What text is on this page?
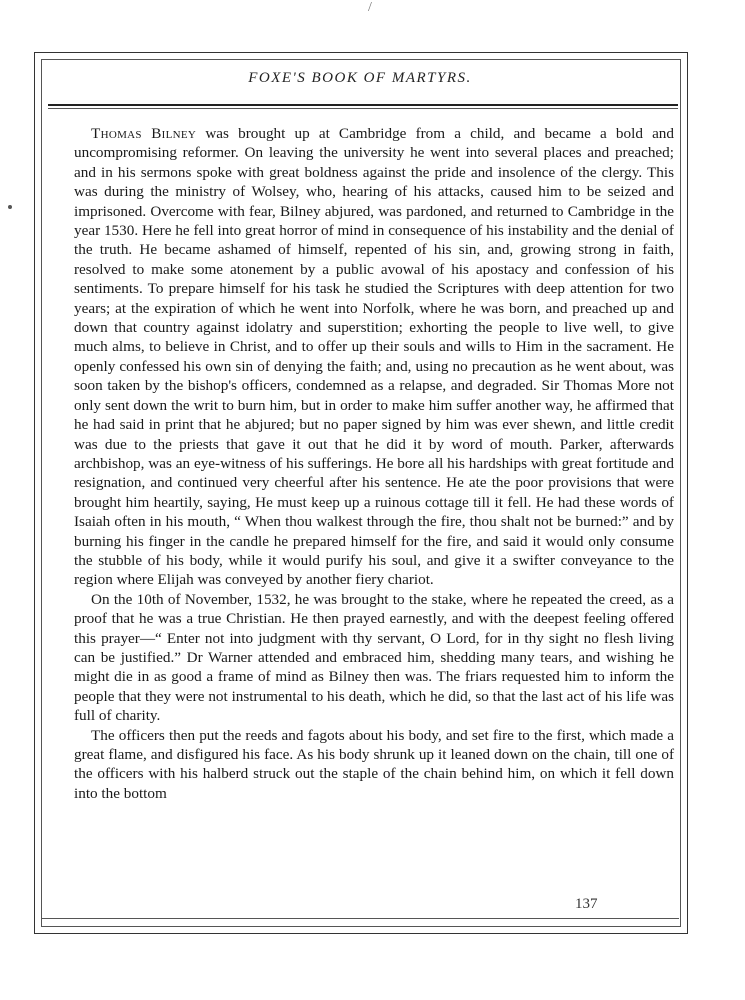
/
FOXE'S BOOK OF MARTYRS.

Thomas Bilney was brought up at Cambridge from a child, and became a bold and uncompromising reformer. On leaving the university he went into several places and preached; and in his sermons spoke with great boldness against the pride and insolence of the clergy. This was during the ministry of Wolsey, who, hearing of his attacks, caused him to be seized and imprisoned. Overcome with fear, Bilney abjured, was pardoned, and returned to Cambridge in the year 1530. Here he fell into great horror of mind in consequence of his instability and the denial of the truth. He became ashamed of himself, repented of his sin, and, growing strong in faith, resolved to make some atonement by a public avowal of his apostacy and confession of his sentiments. To prepare himself for his task he studied the Scriptures with deep attention for two years; at the expiration of which he went into Norfolk, where he was born, and preached up and down that country against idolatry and superstition; exhorting the people to live well, to give much alms, to believe in Christ, and to offer up their souls and wills to Him in the sacrament. He openly confessed his own sin of denying the faith; and, using no precaution as he went about, was soon taken by the bishop's officers, condemned as a relapse, and degraded. Sir Thomas More not only sent down the writ to burn him, but in order to make him suffer another way, he affirmed that he had said in print that he abjured; but no paper signed by him was ever shewn, and little credit was due to the priests that gave it out that he did it by word of mouth. Parker, afterwards archbishop, was an eye-witness of his sufferings. He bore all his hardships with great fortitude and resignation, and continued very cheerful after his sentence. He ate the poor provisions that were brought him heartily, saying, He must keep up a ruinous cottage till it fell. He had these words of Isaiah often in his mouth, “ When thou walkest through the fire, thou shalt not be burned:” and by burning his finger in the candle he prepared himself for the fire, and said it would only consume the stubble of his body, while it would purify his soul, and give it a swifter conveyance to the region where Elijah was conveyed by another fiery chariot.

On the 10th of November, 1532, he was brought to the stake, where he repeated the creed, as a proof that he was a true Christian. He then prayed earnestly, and with the deepest feeling offered this prayer—“ Enter not into judgment with thy servant, O Lord, for in thy sight no flesh living can be justified.” Dr Warner attended and embraced him, shedding many tears, and wishing he might die in as good a frame of mind as Bilney then was. The friars requested him to inform the people that they were not instrumental to his death, which he did, so that the last act of his life was full of charity.

The officers then put the reeds and fagots about his body, and set fire to the first, which made a great flame, and disfigured his face. As his body shrunk up it leaned down on the chain, till one of the officers with his halberd struck out the staple of the chain behind him, on which it fell down into the bottom

137
